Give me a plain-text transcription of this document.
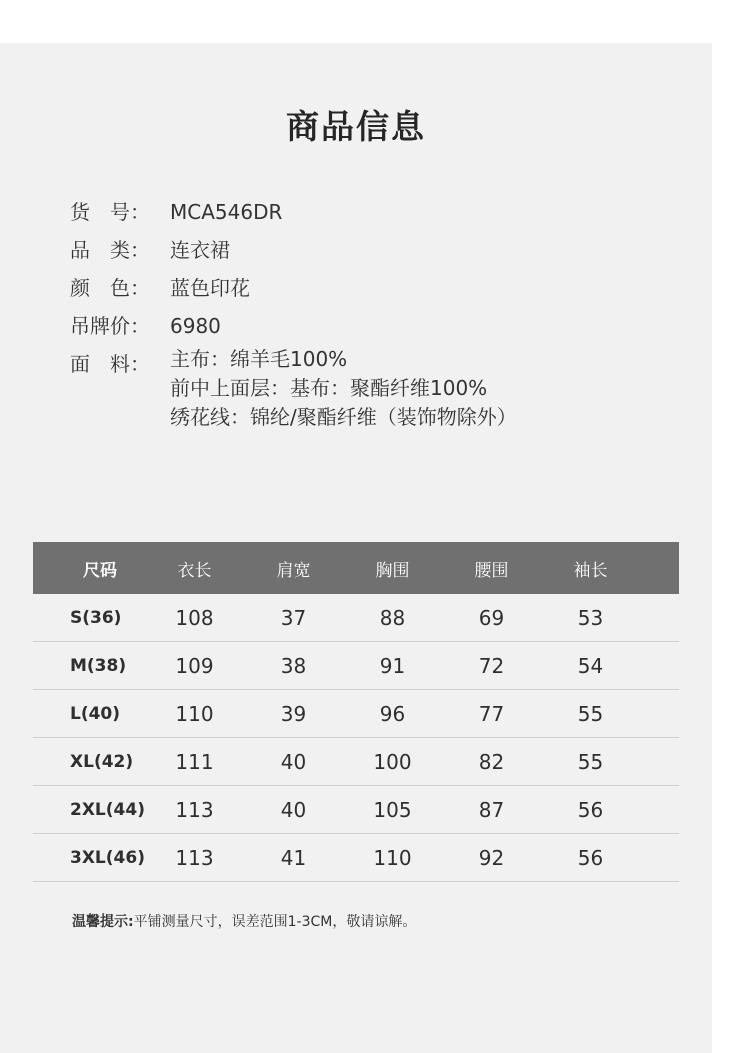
商品信息
货　号：	MCA546DR
品　类：	连衣裙
颜　色：	蓝色印花
吊牌价：	6980
面　料：	主布：绵羊毛100%
前中上面层：基布：聚酯纤维100%
绣花线：锦纶/聚酯纤维（装饰物除外）
尺码	衣长	肩宽	胸围	腰围	袖长
S(36)	108	37	88	69	53
M(38)	109	38	91	72	54
L(40)	110	39	96	77	55
XL(42)	111	40	100	82	55
2XL(44)	113	40	105	87	56
3XL(46)	113	41	110	92	56
温馨提示:平铺测量尺寸，误差范围1-3CM，敬请谅解。
